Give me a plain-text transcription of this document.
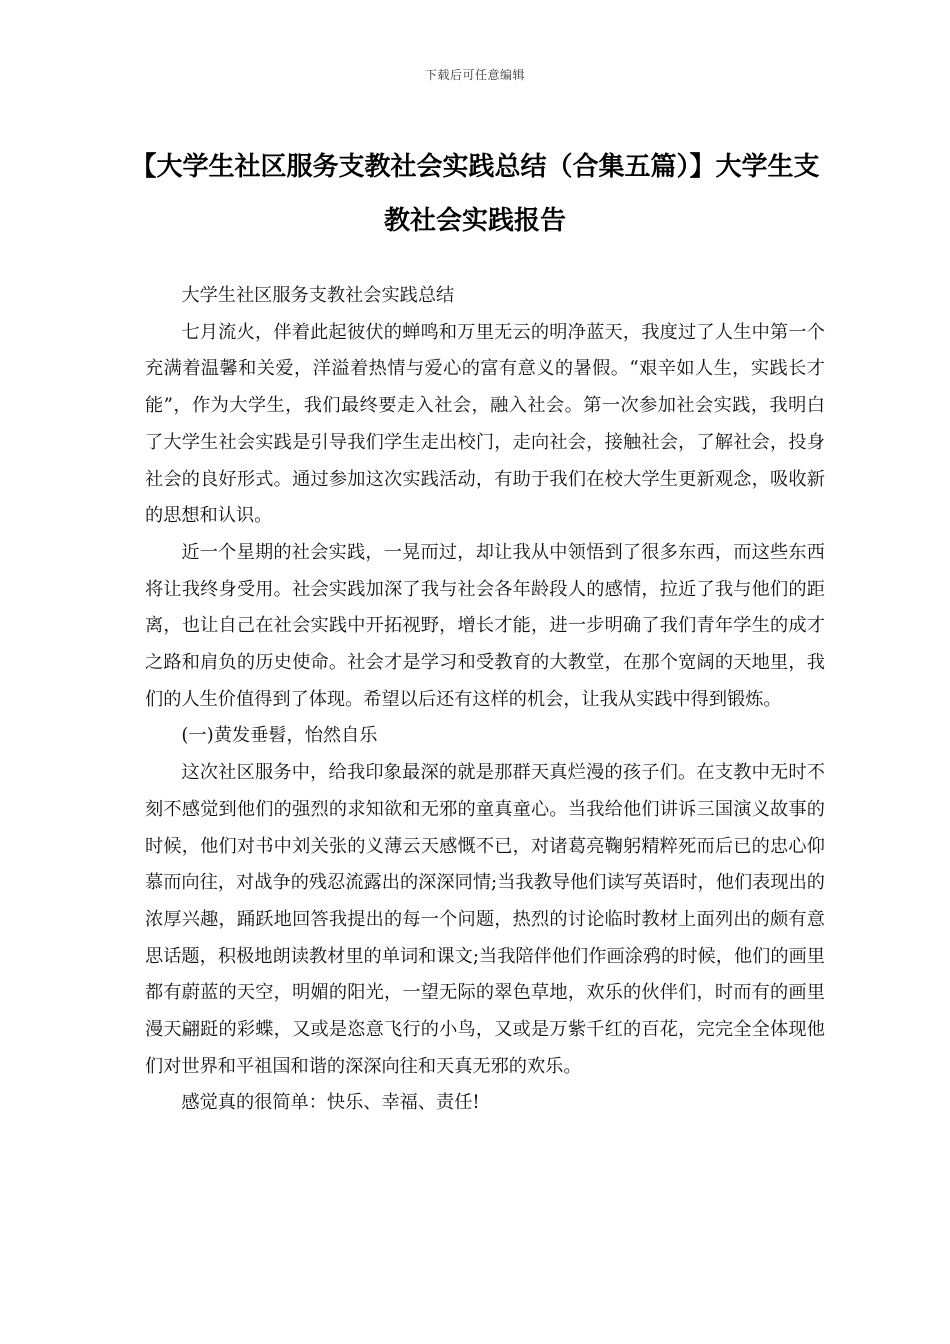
下载后可任意编辑
【大学生社区服务支教社会实践总结（合集五篇）】大学生支教社会实践报告

大学生社区服务支教社会实践总结

七月流火，伴着此起彼伏的蝉鸣和万里无云的明净蓝天，我度过了人生中第一个充满着温馨和关爱，洋溢着热情与爱心的富有意义的暑假。“艰辛如人生，实践长才能”，作为大学生，我们最终要走入社会，融入社会。第一次参加社会实践，我明白了大学生社会实践是引导我们学生走出校门，走向社会，接触社会，了解社会，投身社会的良好形式。通过参加这次实践活动，有助于我们在校大学生更新观念，吸收新的思想和认识。

近一个星期的社会实践，一晃而过，却让我从中领悟到了很多东西，而这些东西将让我终身受用。社会实践加深了我与社会各年龄段人的感情，拉近了我与他们的距离，也让自己在社会实践中开拓视野，增长才能，进一步明确了我们青年学生的成才之路和肩负的历史使命。社会才是学习和受教育的大教堂，在那个宽阔的天地里，我们的人生价值得到了体现。希望以后还有这样的机会，让我从实践中得到锻炼。

(一)黄发垂髫，怡然自乐

这次社区服务中，给我印象最深的就是那群天真烂漫的孩子们。在支教中无时不刻不感觉到他们的强烈的求知欲和无邪的童真童心。当我给他们讲诉三国演义故事的时候，他们对书中刘关张的义薄云天感慨不已，对诸葛亮鞠躬精粹死而后已的忠心仰慕而向往，对战争的残忍流露出的深深同情;当我教导他们读写英语时，他们表现出的浓厚兴趣，踊跃地回答我提出的每一个问题，热烈的讨论临时教材上面列出的颇有意思话题，积极地朗读教材里的单词和课文;当我陪伴他们作画涂鸦的时候，他们的画里都有蔚蓝的天空，明媚的阳光，一望无际的翠色草地，欢乐的伙伴们，时而有的画里漫天翩跹的彩蝶，又或是恣意飞行的小鸟，又或是万紫千红的百花，完完全全体现他们对世界和平祖国和谐的深深向往和天真无邪的欢乐。

感觉真的很简单：快乐、幸福、责任!
